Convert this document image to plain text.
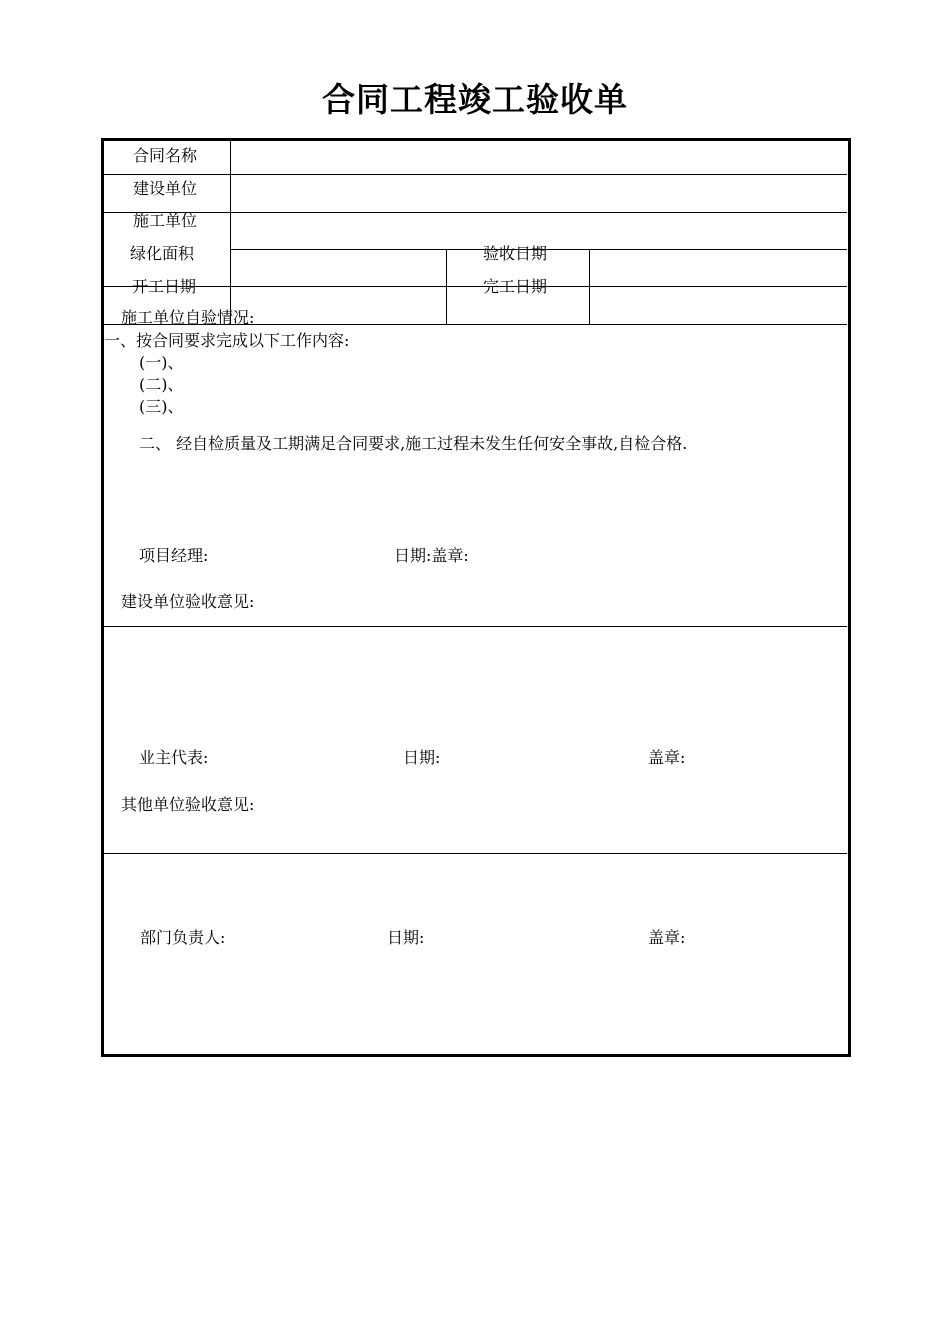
合同工程竣工验收单
合同名称
建设单位
施工单位
绿化面积	验收日期
开工日期	完工日期
施工单位自验情况:
一、按合同要求完成以下工作内容:
(一)、
(二)、
(三)、
二、 经自检质量及工期满足合同要求,施工过程未发生任何安全事故,自检合格.
项目经理:	日期:盖章:
建设单位验收意见:
业主代表:	日期:	盖章:
其他单位验收意见:
部门负责人:	日期:	盖章:
